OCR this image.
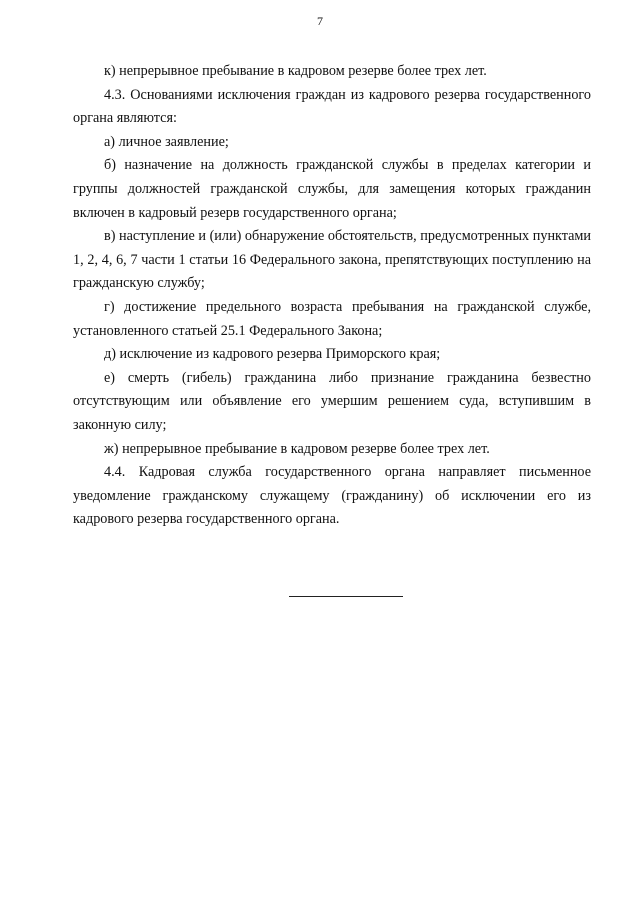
7

к) непрерывное пребывание в кадровом резерве более трех лет.

4.3. Основаниями исключения граждан из кадрового резерва государственного органа являются:

а) личное заявление;

б) назначение на должность гражданской службы в пределах категории и группы должностей гражданской службы, для замещения которых гражданин включен в кадровый резерв государственного органа;

в) наступление и (или) обнаружение обстоятельств, предусмотренных пунктами 1, 2, 4, 6, 7 части 1 статьи 16 Федерального закона, препятствующих поступлению на гражданскую службу;

г) достижение предельного возраста пребывания на гражданской службе, установленного статьей 25.1 Федерального Закона;

д) исключение из кадрового резерва Приморского края;

е) смерть (гибель) гражданина либо признание гражданина безвестно отсутствующим или объявление его умершим решением суда, вступившим в законную силу;

ж) непрерывное пребывание в кадровом резерве более трех лет.

4.4. Кадровая служба государственного органа направляет письменное уведомление гражданскому служащему (гражданину) об исключении его из кадрового резерва государственного органа.
